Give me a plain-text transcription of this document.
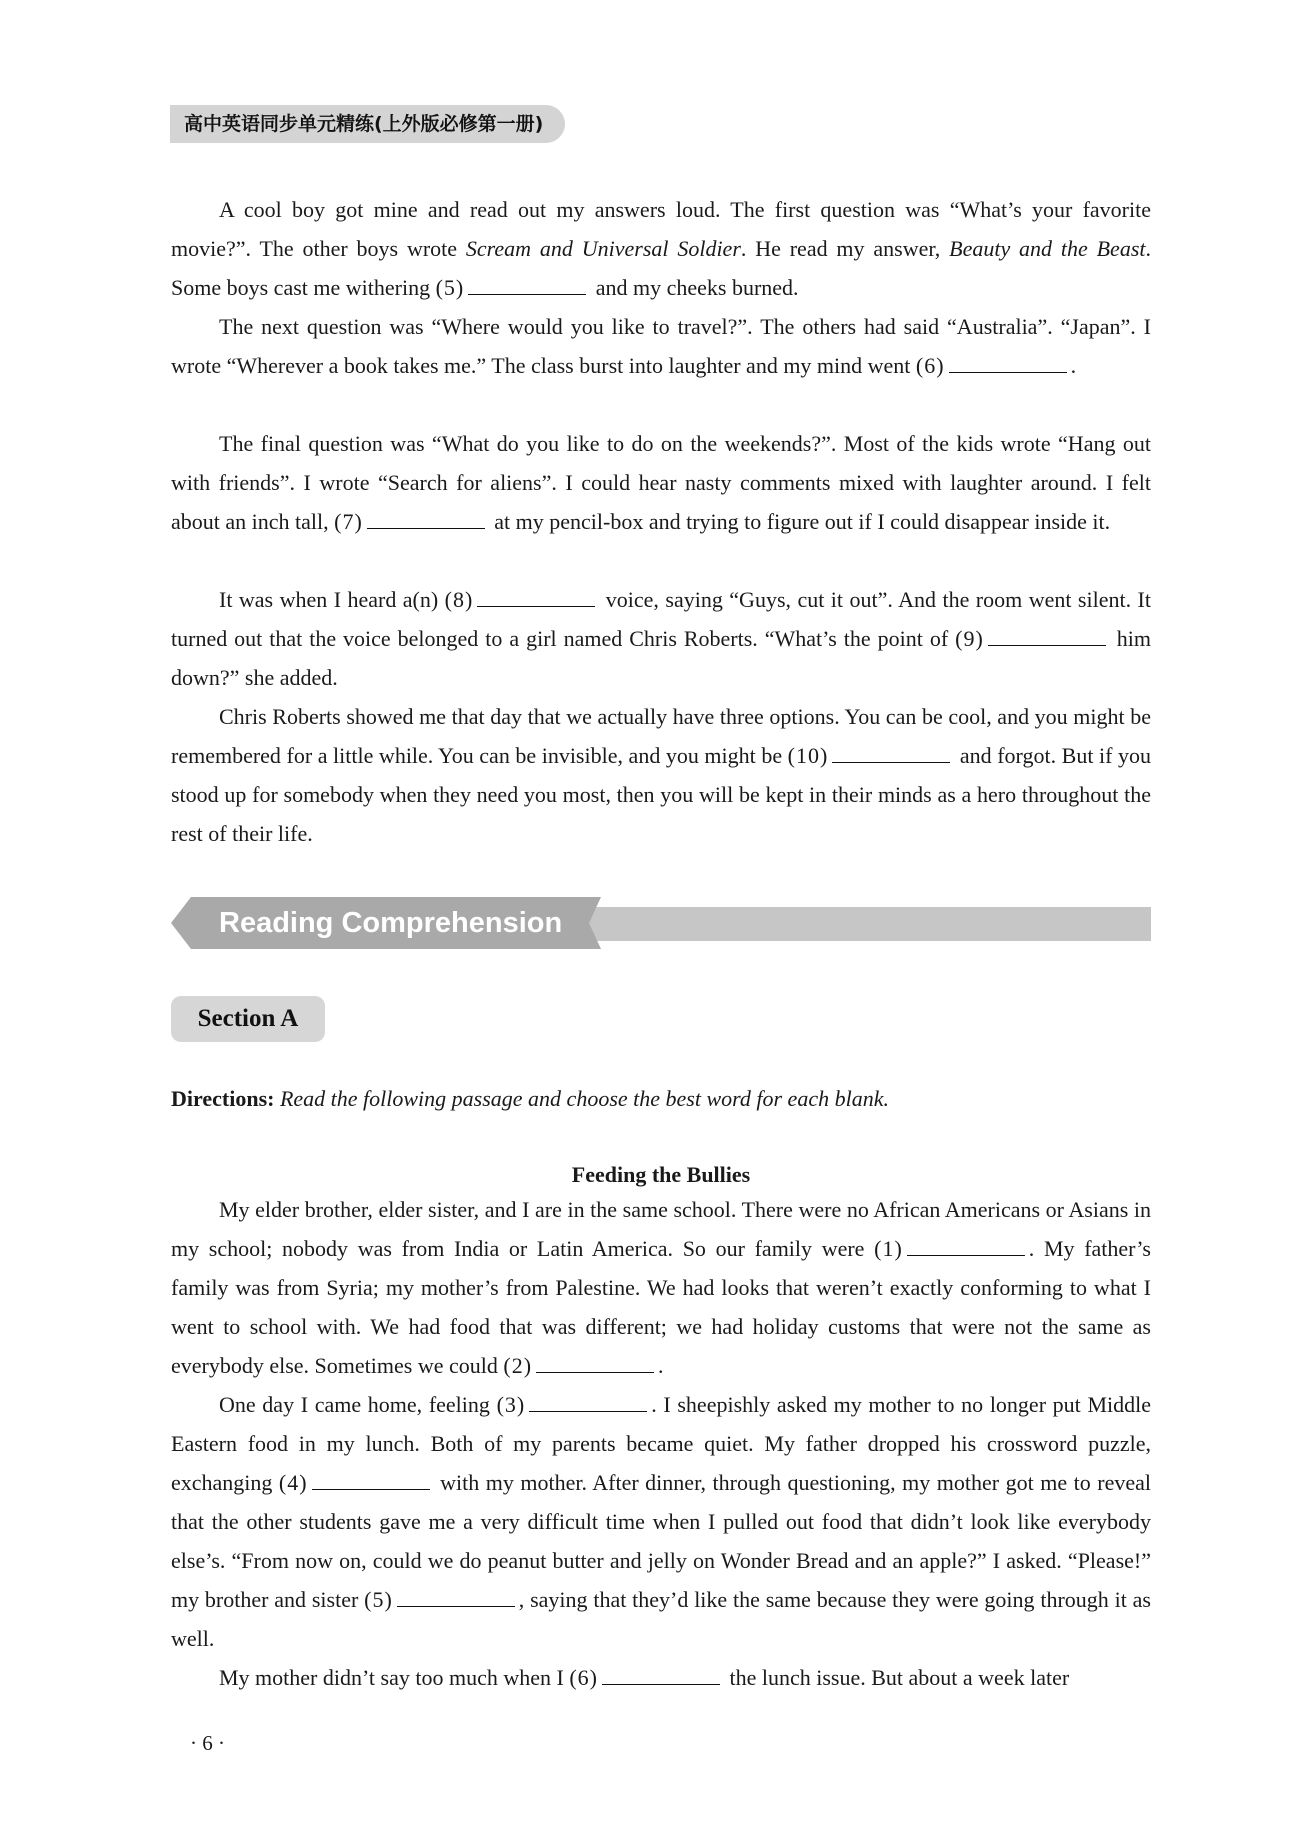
高中英语同步单元精练(上外版必修第一册)

A cool boy got mine and read out my answers loud. The first question was “What’s your favorite movie?”. The other boys wrote Scream and Universal Soldier. He read my answer, Beauty and the Beast. Some boys cast me withering (5)	and my cheeks burned.

The next question was “Where would you like to travel?”. The others had said “Australia”. “Japan”. I wrote “Wherever a book takes me.” The class burst into laughter and my mind went (6)	.

The final question was “What do you like to do on the weekends?”. Most of the kids wrote “Hang out with friends”. I wrote “Search for aliens”. I could hear nasty comments mixed with laughter around. I felt about an inch tall, (7)	at my pencil-box and trying to figure out if I could disappear inside it.

It was when I heard a(n) (8)	voice, saying “Guys, cut it out”. And the room went silent. It turned out that the voice belonged to a girl named Chris Roberts. “What’s the point of (9)	him down?” she added.

Chris Roberts showed me that day that we actually have three options. You can be cool, and you might be remembered for a little while. You can be invisible, and you might be (10)	and forgot. But if you stood up for somebody when they need you most, then you will be kept in their minds as a hero throughout the rest of their life.

Reading Comprehension
Section A
Directions: Read the following passage and choose the best word for each blank.
Feeding the Bullies

My elder brother, elder sister, and I are in the same school. There were no African Americans or Asians in my school; nobody was from India or Latin America. So our family were (1)	. My father’s family was from Syria; my mother’s from Palestine. We had looks that weren’t exactly conforming to what I went to school with. We had food that was different; we had holiday customs that were not the same as everybody else. Sometimes we could (2)	.

One day I came home, feeling (3)	. I sheepishly asked my mother to no longer put Middle Eastern food in my lunch. Both of my parents became quiet. My father dropped his crossword puzzle, exchanging (4)	with my mother. After dinner, through questioning, my mother got me to reveal that the other students gave me a very difficult time when I pulled out food that didn’t look like everybody else’s. “From now on, could we do peanut butter and jelly on Wonder Bread and an apple?” I asked. “Please!” my brother and sister (5)	, saying that they’d like the same because they were going through it as well.

My mother didn’t say too much when I (6)	the lunch issue. But about a week later

· 6 ·
